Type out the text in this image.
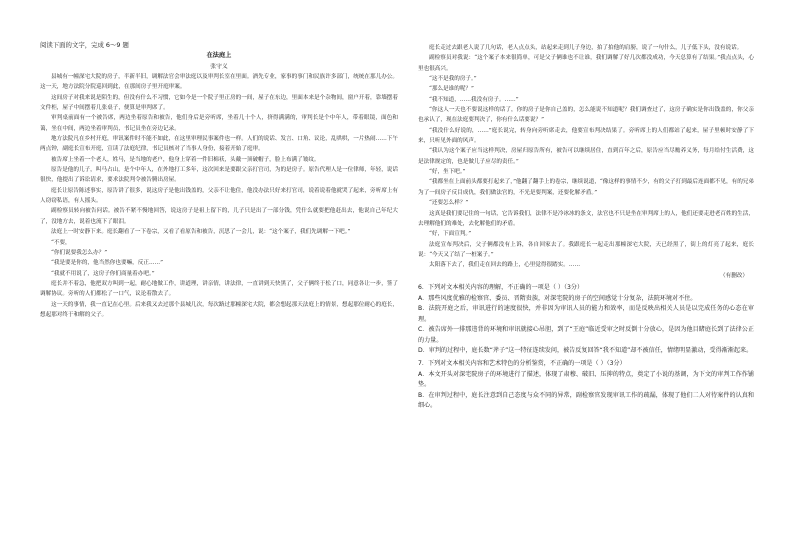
阅读下面的文字，完成 6～9 题

在法庭上

张守义

县城有一幢深宅大院的房子，半新半旧，调解法官会审法庭以及审判长室在里面。酒先专业，家事的事门和民族许多部门，统统在那儿办公。这一天，地方法院分院巡回到此，在那间房子里开庭审案。

这间房子对我来说是陌生的，但没有什么不习惯，它如今是一个院子里正房的一间，屋子在东边，里面本来是个杂物间，窗户开着，靠墙摆着文件柜，屋子中间摆着几张桌子，便算是审判席了。

审判桌前面有一个被告席，两边坐着原告和被告，他们身后是旁听席，坐着几十个人，挤得满满的，审判长是个中年人，带着眼镜，面色和蔼，坐在中间，两边坐着审判员，书记员坐在旁边记录。

地方法院凡在乡村开庭，审讯案件时不能不如此，在这里审理民事案件也一样。人们的说话、发言、口角、议论，乱哄哄，一片热闹……下午两点钟，副庭长宣布开庭，宣读了法庭纪律，书记员核对了当事人身份，接着开始了庭审。

被告席上坐着一个老人，姓马，是当地的老户，他身上穿着一件旧棉袄，头戴一顶破帽子，脸上布满了皱纹。

原告是他的儿子，叫马占山，是个中年人，在外地打工多年，这次回来是要跟父亲打官司，为的是房子。原告代理人是一位律师，年轻，说话很快，他提出了诉讼请求，要求法院判令被告腾出房屋。

庭长让原告陈述事实，原告讲了很多，说这房子是他出钱盖的，父亲不让他住，他没办法只好来打官司，说着说着他就哭了起来，旁听席上有人窃窃私语，有人摇头。

副检察员转向被告问话。被告不紧不慢地回答，说这房子是祖上留下的，儿子只是出了一部分钱，凭什么就要把他赶出去，他说自己年纪大了，没地方去，说着也流下了眼泪。

法庭上一时安静下来。庭长翻看了一下卷宗，又看了看原告和被告，沉思了一会儿，说：“这个案子，我们先调解一下吧。”

“不要，

“你们说要我怎么办？”

“我是要是你的，他当然你也要嘛，反正……”

“我就不用说了，这房子你们商量着办吧。”

庭长并不着急，他把双方叫到一起，耐心地做工作，讲道理，讲亲情，讲法律，一直讲到天快黑了，父子俩终于松了口，同意各让一步，签了调解协议。旁听的人们都松了一口气，议论着散去了。

这一天的事情，我一直记在心里。后来我又去过那个县城几次，每次路过那幢深宅大院，都会想起那天法庭上的情景，想起那位耐心的庭长，想起那对终于和解的父子。

庭长走过去跟老人说了几句话，老人点点头，站起来走到儿子身边，拍了拍他的肩膀，说了一句什么，儿子低下头，没有说话。

副检察员对我说：“这个案子本来很简单，可是父子俩谁也不让谁，我们调解了好几次都没成功，今天总算有了结果。”我点点头，心里也很高兴。

“这不是我的房子。”

“那么是谁的呢？”

“我不知道，……我没有房子。……”

“你这人一天也不要说这样的话了，你的房子是你自己盖的，怎么能说不知道呢？我们调查过了，这房子确实是你出钱盖的，你父亲也承认了，现在法庭要判决了，你有什么话要说？”

“我没什么好说的，……”庭长说完，转身向旁听席走去，他要宣布判决结果了。旁听席上的人们都站了起来，屋子里顿时安静了下来，只听见外面的风声。

“我认为这个案子应当这样判决，房屋归原告所有，被告可以继续居住，直到百年之后，原告应当尽赡养义务，每月给付生活费，这是法律规定的，也是做儿子应尽的责任。”

“好，坐下吧。”

“我都坐在上面前头都要打起来了，”他翻了翻手上的卷宗，继续说道，“像这样的事情不少，有的父子打到最后连面都不见，有的兄弟为了一间房子反目成仇，我们做法官的，不光是要判案，还要化解矛盾。”

“还要怎么样？”

这真是我们要记住的一句话，它告诉我们，法律不是冷冰冰的条文，法官也不只是坐在审判席上的人，他们还要走进老百姓的生活，去理解他们的难处，去化解他们的矛盾。

“好，下面宣判。”

法庭宣布判决后，父子俩都没有上诉，各自回家去了。我跟庭长一起走出那幢深宅大院，天已经黑了，街上的灯亮了起来，庭长说：“今天又了结了一桩案子。”

太阳落下去了，我们走在回去的路上，心里觉得很踏实。……

（有删改）

6．下列对文本相关内容的理解，不正确的一项是（ ）（3分）

A．那些风度优雅的检察官、委员、晋隋贵族，对深宅院的房子的空间感觉十分复杂，法院环境对不住。

B．法院开庭之后，审讯进行的速度很快，并非因为审讯人员的能力和效率，而是反映出相关人员是以完成任务的心态在审理。

C．被告席外一排那违背的环境和审讯就接心吊胆，到了“王庭”临近受审之时反倒十分放心，是因为他目睹庭长到了法律公正的力量。

D．审判的过程中，庭长数“斧子”这一特征连续发问，被告反复回答“我不知道”却不被信任，情绪明显激动，受得渐渐起来。

7．下列对文本相关内容和艺术特色的分析鉴赏，不正确的一项是（ ）（3分）

A．本文开头对深宅院房子的环境进行了描述，体现了肃穆、破旧、压抑的特点，奠定了小说的基调，为下文的审判工作作铺垫。

B．在审判过程中，庭长注意到自己态度与众不同的异常，副检察官发现审讯工作的疏漏，体现了他们二人对待案件的认真和细心。
